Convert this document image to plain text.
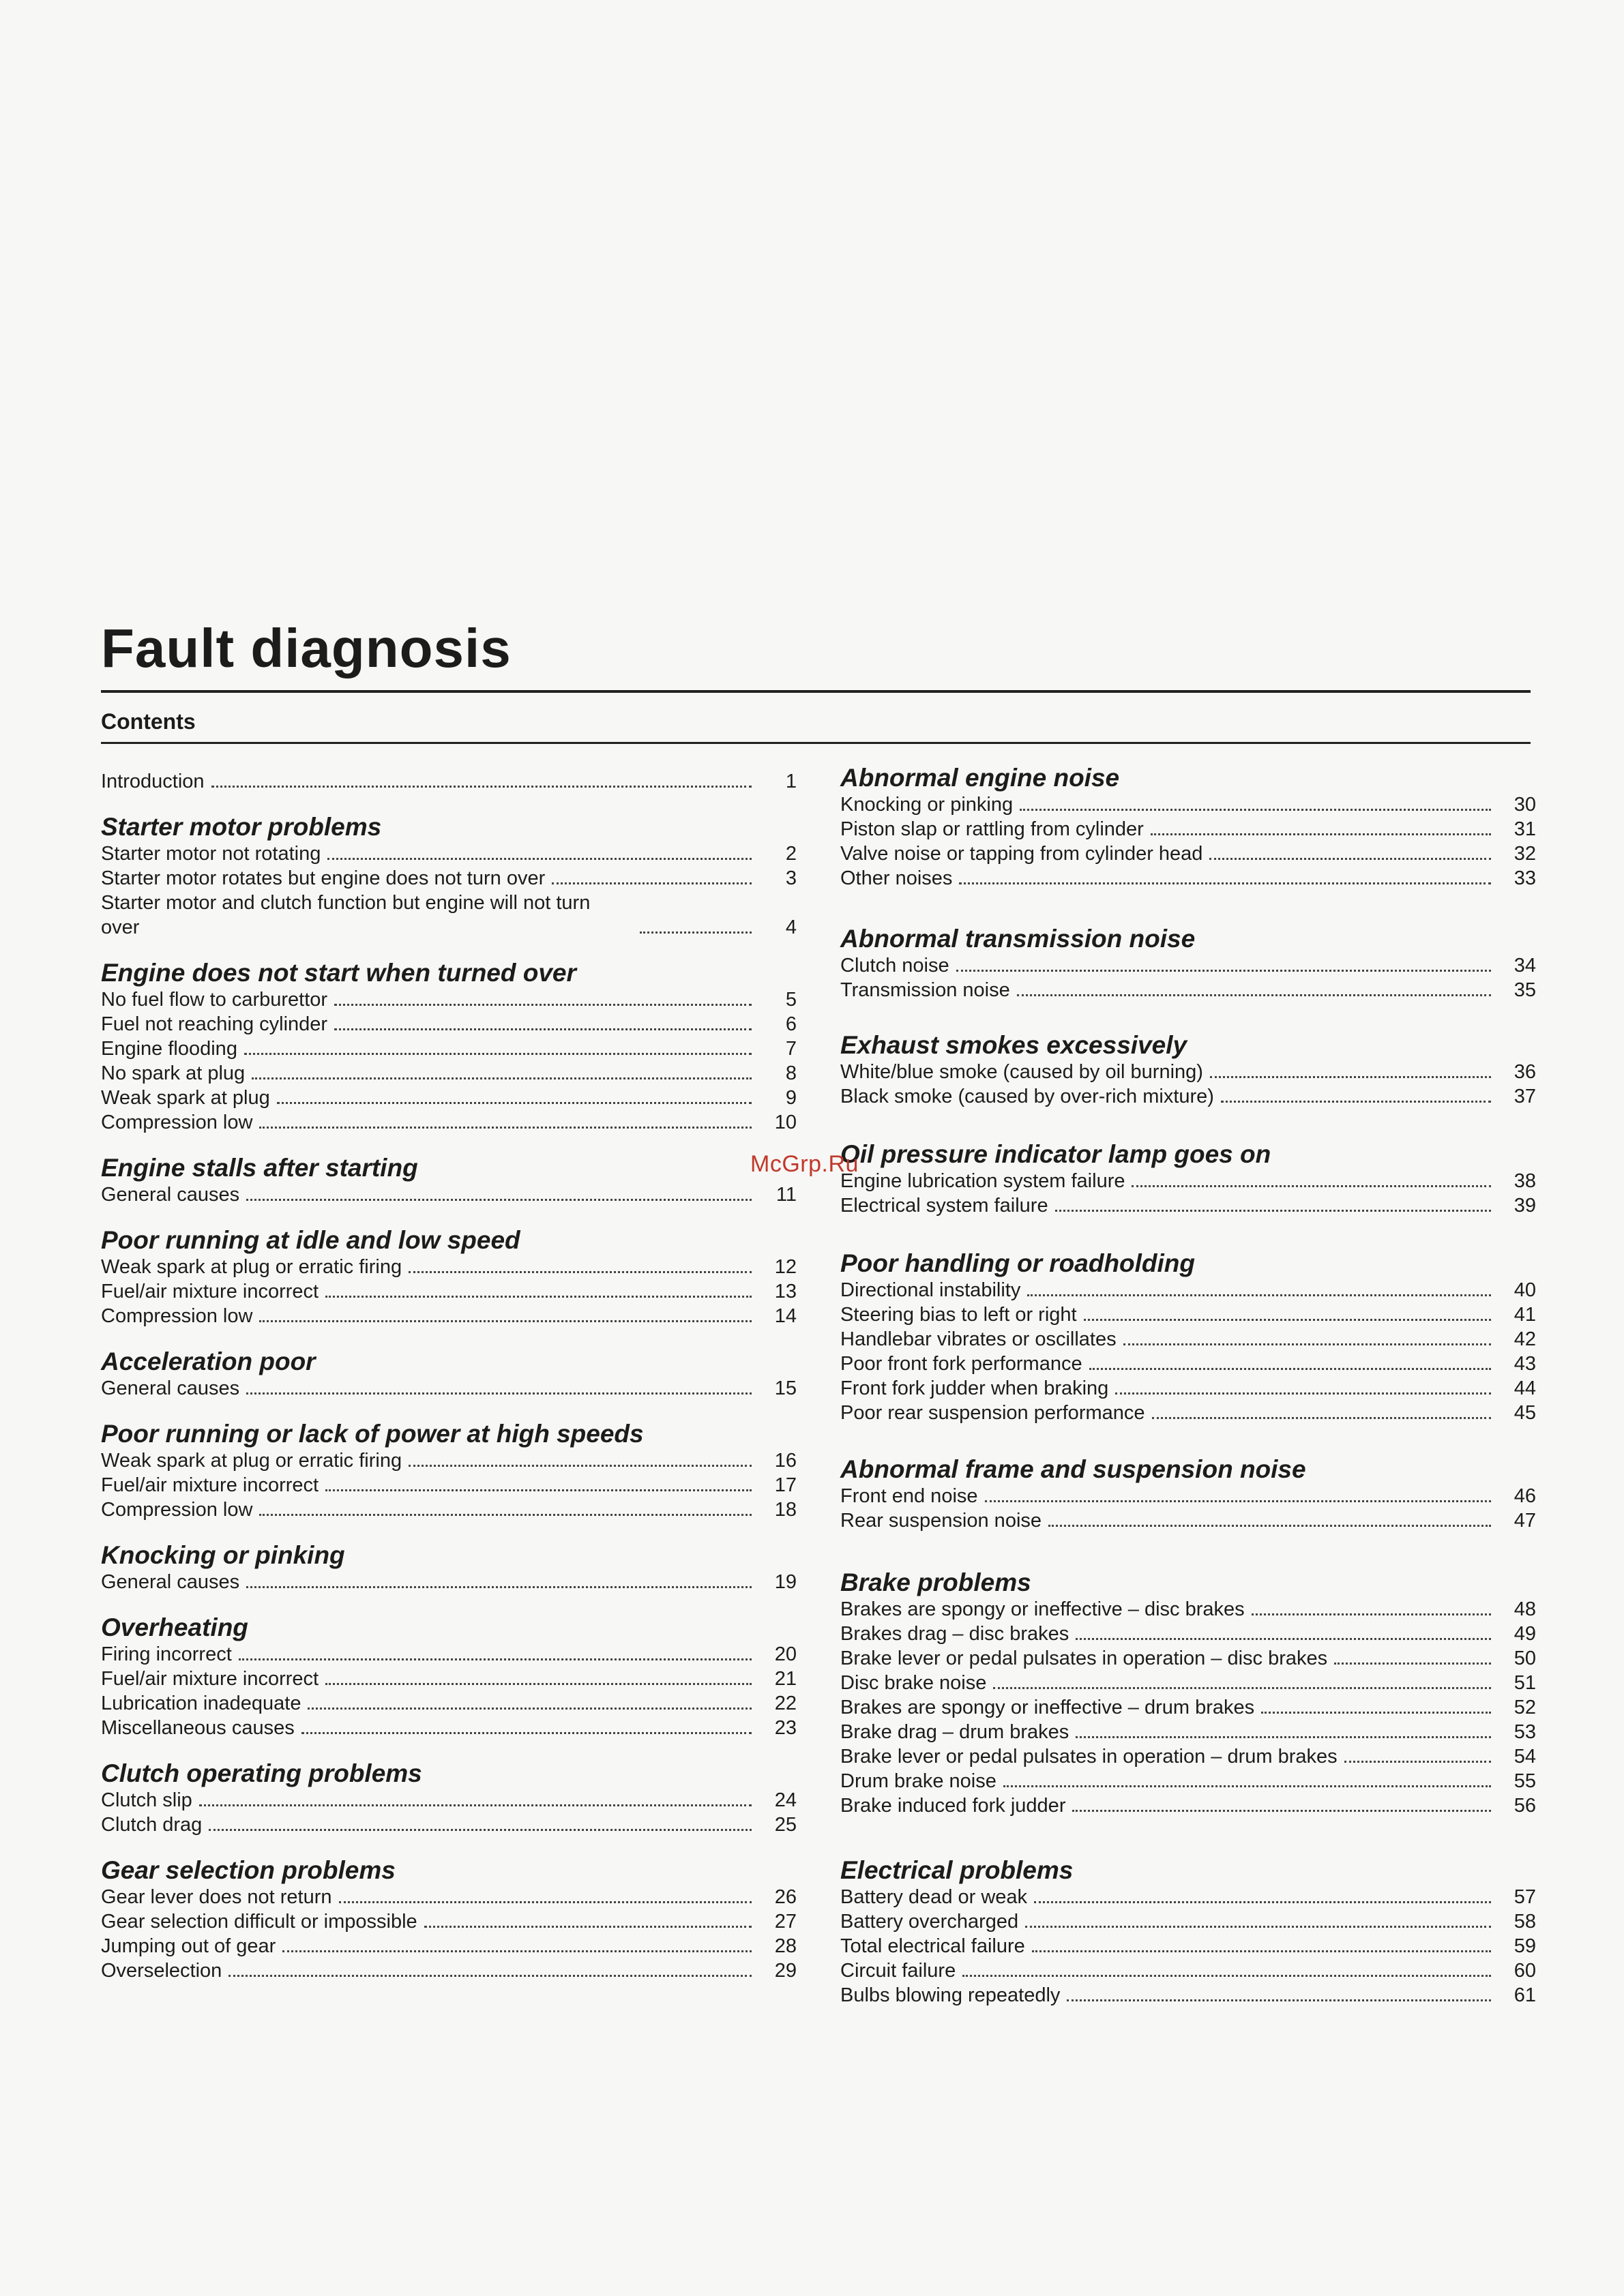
Fault diagnosis
Contents
Introduction	1
Starter motor problems
Starter motor not rotating	2
Starter motor rotates but engine does not turn over	3
Starter motor and clutch function but engine will not turn over	4
Engine does not start when turned over
No fuel flow to carburettor	5
Fuel not reaching cylinder	6
Engine flooding	7
No spark at plug	8
Weak spark at plug	9
Compression low	10
Engine stalls after starting
General causes	11
Poor running at idle and low speed
Weak spark at plug or erratic firing	12
Fuel/air mixture incorrect	13
Compression low	14
Acceleration poor
General causes	15
Poor running or lack of power at high speeds
Weak spark at plug or erratic firing	16
Fuel/air mixture incorrect	17
Compression low	18
Knocking or pinking
General causes	19
Overheating
Firing incorrect	20
Fuel/air mixture incorrect	21
Lubrication inadequate	22
Miscellaneous causes	23
Clutch operating problems
Clutch slip	24
Clutch drag	25
Gear selection problems
Gear lever does not return	26
Gear selection difficult or impossible	27
Jumping out of gear	28
Overselection	29
Abnormal engine noise
Knocking or pinking	30
Piston slap or rattling from cylinder	31
Valve noise or tapping from cylinder head	32
Other noises	33
Abnormal transmission noise
Clutch noise	34
Transmission noise	35
Exhaust smokes excessively
White/blue smoke (caused by oil burning)	36
Black smoke (caused by over-rich mixture)	37
Oil pressure indicator lamp goes on
Engine lubrication system failure	38
Electrical system failure	39
Poor handling or roadholding
Directional instability	40
Steering bias to left or right	41
Handlebar vibrates or oscillates	42
Poor front fork performance	43
Front fork judder when braking	44
Poor rear suspension performance	45
Abnormal frame and suspension noise
Front end noise	46
Rear suspension noise	47
Brake problems
Brakes are spongy or ineffective – disc brakes	48
Brakes drag – disc brakes	49
Brake lever or pedal pulsates in operation – disc brakes	50
Disc brake noise	51
Brakes are spongy or ineffective – drum brakes	52
Brake drag – drum brakes	53
Brake lever or pedal pulsates in operation – drum brakes	54
Drum brake noise	55
Brake induced fork judder	56
Electrical problems
Battery dead or weak	57
Battery overcharged	58
Total electrical failure	59
Circuit failure	60
Bulbs blowing repeatedly	61
McGrp.Ru
